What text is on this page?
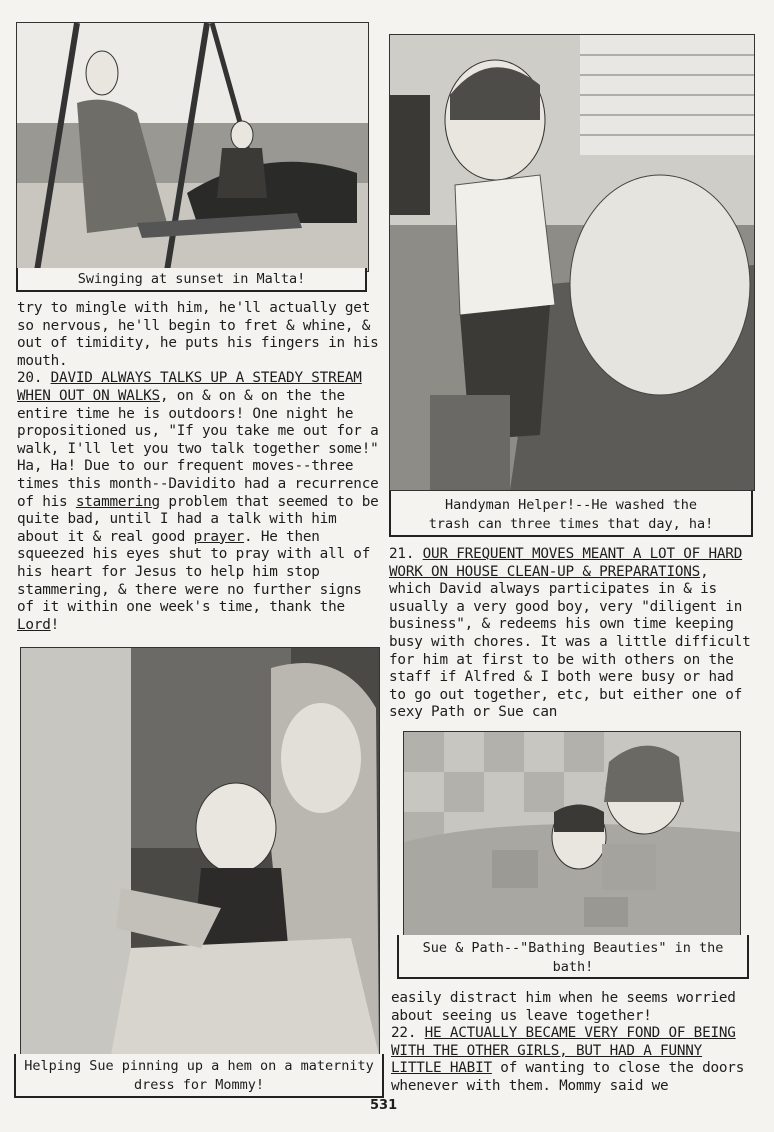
Swinging at sunset in Malta!

try to mingle with him, he'll actually get so nervous, he'll begin to fret & whine, & out of timidity, he puts his fingers in his mouth.

20. DAVID ALWAYS TALKS UP A STEADY STREAM WHEN OUT ON WALKS, on & on & on the the entire time he is outdoors! One night he propositioned us, "If you take me out for a walk, I'll let you two talk together some!" Ha, Ha! Due to our frequent moves--three times this month--Davidito had a recurrence of his stammering problem that seemed to be quite bad, until I had a talk with him about it & real good prayer. He then squeezed his eyes shut to pray with all of his heart for Jesus to help him stop stammering, & there were no further signs of it within one week's time, thank the Lord!

Helping Sue pinning up a hem on a maternity dress for Mommy!
Handyman Helper!--He washed the trash can three times that day, ha!

21. OUR FREQUENT MOVES MEANT A LOT OF HARD WORK ON HOUSE CLEAN-UP & PREPARATIONS, which David always participates in & is usually a very good boy, very "diligent in business", & redeems his own time keeping busy with chores. It was a little difficult for him at first to be with others on the staff if Alfred & I both were busy or had to go out together, etc, but either one of sexy Path or Sue can

Sue & Path--"Bathing Beauties" in the bath!

easily distract him when he seems worried about seeing us leave together!

22. HE ACTUALLY BECAME VERY FOND OF BEING WITH THE OTHER GIRLS, BUT HAD A FUNNY LITTLE HABIT of wanting to close the doors whenever with them. Mommy said we

531
